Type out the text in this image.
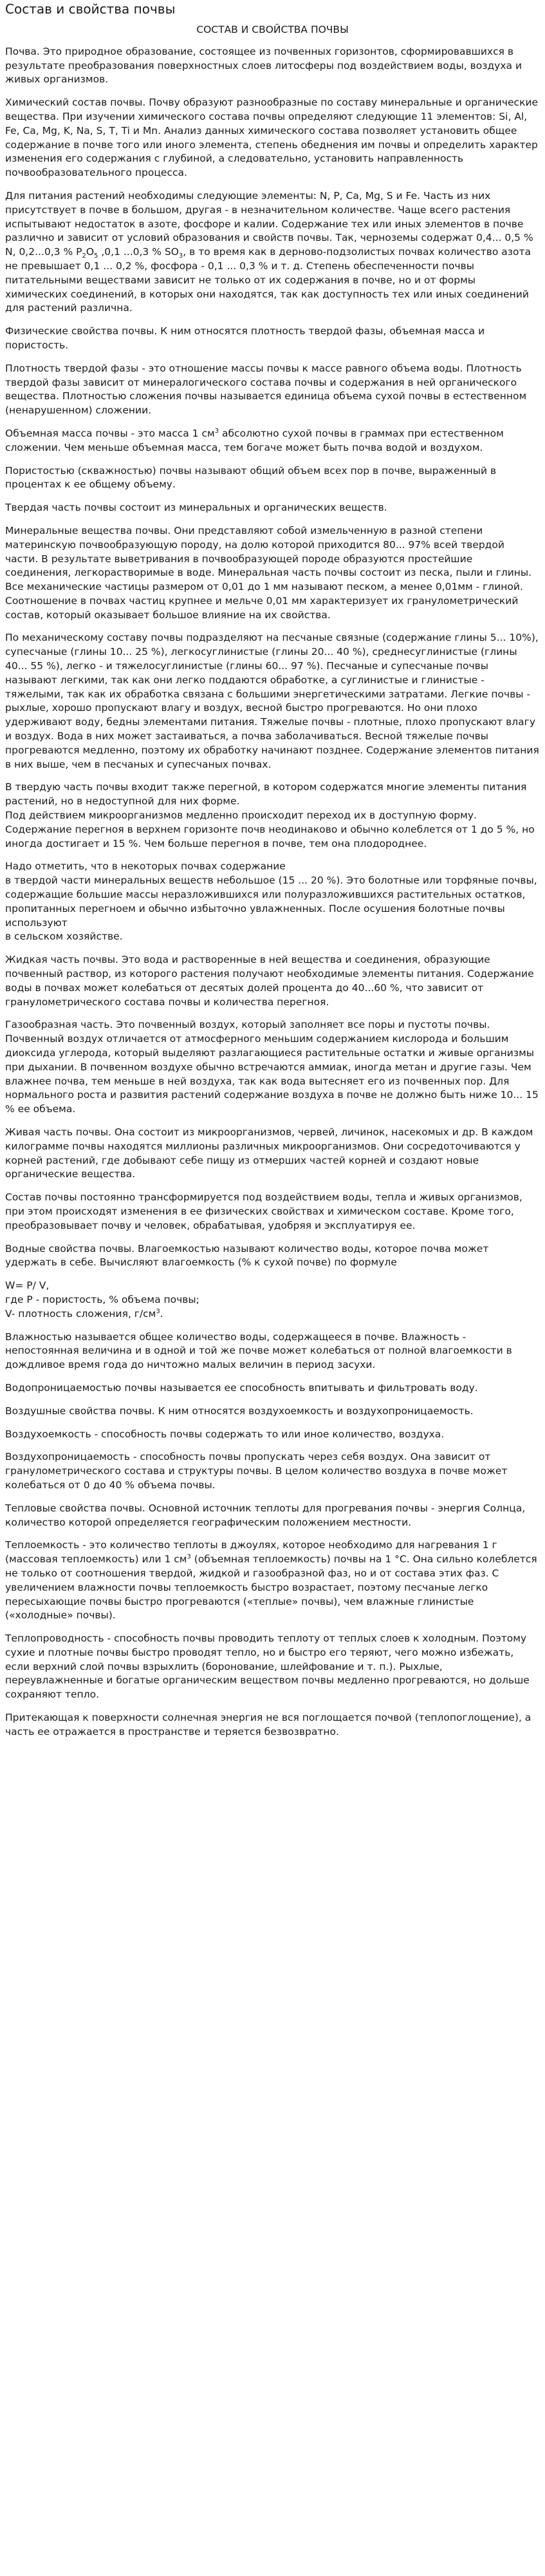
Состав и свойства почвы
СОСТАВ И СВОЙСТВА ПОЧВЫ

Почва. Это природное образование, состоящее из почвенных горизонтов, сформировавшихся в результате преобразования поверхностных слоев литосферы под воздействием воды, воздуха и живых организмов.

Химический состав почвы. Почву образуют разнообразные по составу минеральные и органические вещества. При изучении химического состава почвы определяют следующие 11 элементов: Si, Al, Fe, Ca, Mg, K, Na, S, T, Ti и Mn. Анализ данных химического состава позволяет установить общее содержание в почве того или иного элемента, степень обеднения им почвы и определить характер изменения его содержания с глубиной, а следовательно, установить направленность почвообразовательного процесса.

Для питания растений необходимы следующие элементы: N, P, Ca, Mg, S и Fe. Часть из них присутствует в почве в большом, другая - в незначительном количестве. Чаще всего растения испытывают недостаток в азоте, фосфоре и калии. Содержание тех или иных элементов в почве различно и зависит от условий образования и свойств почвы. Так, черноземы содержат 0,4... 0,5 % N, 0,2...0,3 % $P_2O_5$ ,0,1 ...0,3 % $SO_3$, в то время как в дерново-подзолистых почвах количество азота не превышает 0,1 ... 0,2 %, фосфора - 0,1 ... 0,3 % и т. д. Степень обеспеченности почвы питательными веществами зависит не только от их содержания в почве, но и от формы химических соединений, в которых они находятся, так как доступность тех или иных соединений для растений различна.

Физические свойства почвы. К ним относятся плотность твердой фазы, объемная масса и пористость.

Плотность твердой фазы - это отношение массы почвы к массе равного объема воды. Плотность твердой фазы зависит от минералогического состава почвы и содержания в ней органического вещества. Плотностью сложения почвы называется единица объема сухой почвы в естественном (ненарушенном) сложении.

Объемная масса почвы - это масса 1 $см^3$ абсолютно сухой почвы в граммах при естественном сложении. Чем меньше объемная масса, тем богаче может быть почва водой и воздухом.

Пористостью (скважностью) почвы называют общий объем всех пор в почве, выраженный в процентах к ее общему объему.

Твердая часть почвы состоит из минеральных и органических веществ.

Минеральные вещества почвы. Они представляют собой измельченную в разной степени материнскую почвообразующую породу, на долю которой приходится 80... 97% всей твердой части. В результате выветривания в почвообразующей породе образуются простейшие соединения, легкорастворимые в воде. Минеральная часть почвы состоит из песка, пыли и глины. Все механические частицы размером от 0,01 до 1 мм называют песком, а менее 0,01мм - глиной. Соотношение в почвах частиц крупнее и мельче 0,01 мм характеризует их гранулометрический состав, который оказывает большое влияние на их свойства.

По механическому составу почвы подразделяют на песчаные связные (содержание глины 5... 10%), супесчаные (глины 10... 25 %), легкосуглинистые (глины 20... 40 %), среднесуглинистые (глины 40... 55 %), легко - и тяжелосуглинистые (глины 60... 97 %). Песчаные и супесчаные почвы называют легкими, так как они легко поддаются обработке, а суглинистые и глинистые - тяжелыми, так как их обработка связана с большими энергетическими затратами. Легкие почвы - рыхлые, хорошо пропускают влагу и воздух, весной быстро прогреваются. Но они плохо удерживают воду, бедны элементами питания. Тяжелые почвы - плотные, плохо пропускают влагу и воздух. Вода в них может застаиваться, а почва заболачиваться. Весной тяжелые почвы прогреваются медленно, поэтому их обработку начинают позднее. Содержание элементов питания в них выше, чем в песчаных и супесчаных почвах.

В твердую часть почвы входит также перегной, в котором содержатся многие элементы питания растений, но в недоступной для них форме.
Под действием микроорганизмов медленно происходит переход их в доступную форму. Содержание перегноя в верхнем горизонте почв неодинаково и обычно колеблется от 1 до 5 %, но иногда достигает и 15 %. Чем больше перегноя в почве, тем она плодороднее.

Надо отметить, что в некоторых почвах содержание
в твердой части минеральных веществ небольшое (15 ... 20 %). Это болотные или торфяные почвы, содержащие большие массы неразложившихся или полуразложившихся растительных остатков, пропитанных перегноем и обычно избыточно увлажненных. После осушения болотные почвы используют
в сельском хозяйстве.

Жидкая часть почвы. Это вода и растворенные в ней вещества и соединения, образующие почвенный раствор, из которого растения получают необходимые элементы питания. Содержание воды в почвах может колебаться от десятых долей процента до 40...60 %, что зависит от гранулометрического состава почвы и количества перегноя.

Газообразная часть. Это почвенный воздух, который заполняет все поры и пустоты почвы. Почвенный воздух отличается от атмосферного меньшим содержанием кислорода и большим диоксида углерода, который выделяют разлагающиеся растительные остатки и живые организмы при дыхании. В почвенном воздухе обычно встречаются аммиак, иногда метан и другие газы. Чем влажнее почва, тем меньше в ней воздуха, так как вода вытесняет его из почвенных пор. Для нормального роста и развития растений содержание воздуха в почве не должно быть ниже 10... 15 % ее объема.

Живая часть почвы. Она состоит из микроорганизмов, червей, личинок, насекомых и др. В каждом килограмме почвы находятся миллионы различных микроорганизмов. Они сосредоточиваются у корней растений, где добывают себе пищу из отмерших частей корней и создают новые органические вещества.

Состав почвы постоянно трансформируется под воздействием воды, тепла и живых организмов, при этом происходят изменения в ее физических свойствах и химическом составе. Кроме того, преобразовывает почву и человек, обрабатывая, удобряя и эксплуатируя ее.

Водные свойства почвы. Влагоемкостью называют количество воды, которое почва может удержать в себе. Вычисляют влагоемкость (% к сухой почве) по формуле

W= P/ V,

где Р - пористость, % объема почвы;

V- плотность сложения, $г/см^3$.

Влажностью называется общее количество воды, содержащееся в почве. Влажность - непостоянная величина и в одной и той же почве может колебаться от полной влагоемкости в дождливое время года до ничтожно малых величин в период засухи.

Водопроницаемостью почвы называется ее способность впитывать и фильтровать воду.

Воздушные свойства почвы. К ним относятся воздухоемкость и воздухопроницаемость.

Воздухоемкость - способность почвы содержать то или иное количество, воздуха.

Воздухопроницаемость - способность почвы пропускать через себя воздух. Она зависит от гранулометрического состава и структуры почвы. В целом количество воздуха в почве может колебаться от 0 до 40 % объема почвы.

Тепловые свойства почвы. Основной источник теплоты для прогревания почвы - энергия Солнца, количество которой определяется географическим положением местности.

Теплоемкость - это количество теплоты в джоулях, которое необходимо для нагревания 1 г (массовая теплоемкость) или 1 $см^3$ (объемная теплоемкость) почвы на 1 °С. Она сильно колеблется не только от соотношения твердой, жидкой и газообразной фаз, но и от состава этих фаз. С увеличением влажности почвы теплоемкость быстро возрастает, поэтому песчаные легко пересыхающие почвы быстро прогреваются («теплые» почвы), чем влажные глинистые («холодные» почвы).

Теплопроводность - способность почвы проводить теплоту от теплых слоев к холодным. Поэтому сухие и плотные почвы быстро проводят тепло, но и быстро его теряют, чего можно избежать, если верхний слой почвы взрыхлить (боронование, шлейфование и т. п.). Рыхлые, переувлажненные и богатые органическим веществом почвы медленно прогреваются, но дольше сохраняют тепло.

Притекающая к поверхности солнечная энергия не вся поглощается почвой (теплопоглощение), а часть ее отражается в пространстве и теряется безвозвратно.
